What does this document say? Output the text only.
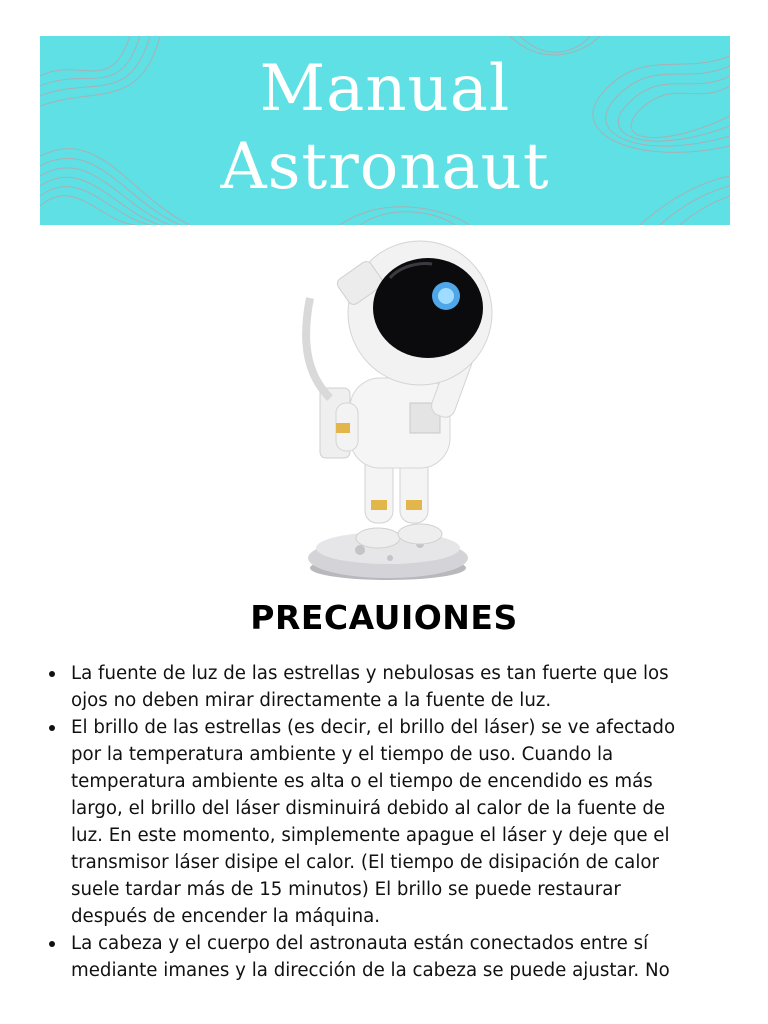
Manual
Astronaut
PRECAUIONES
La fuente de luz de las estrellas y nebulosas es tan fuerte que los
ojos no deben mirar directamente a la fuente de luz.
El brillo de las estrellas (es decir, el brillo del láser) se ve afectado
por la temperatura ambiente y el tiempo de uso. Cuando la
temperatura ambiente es alta o el tiempo de encendido es más
largo, el brillo del láser disminuirá debido al calor de la fuente de
luz. En este momento, simplemente apague el láser y deje que el
transmisor láser disipe el calor. (El tiempo de disipación de calor
suele tardar más de 15 minutos) El brillo se puede restaurar
después de encender la máquina.
La cabeza y el cuerpo del astronauta están conectados entre sí
mediante imanes y la dirección de la cabeza se puede ajustar. No
